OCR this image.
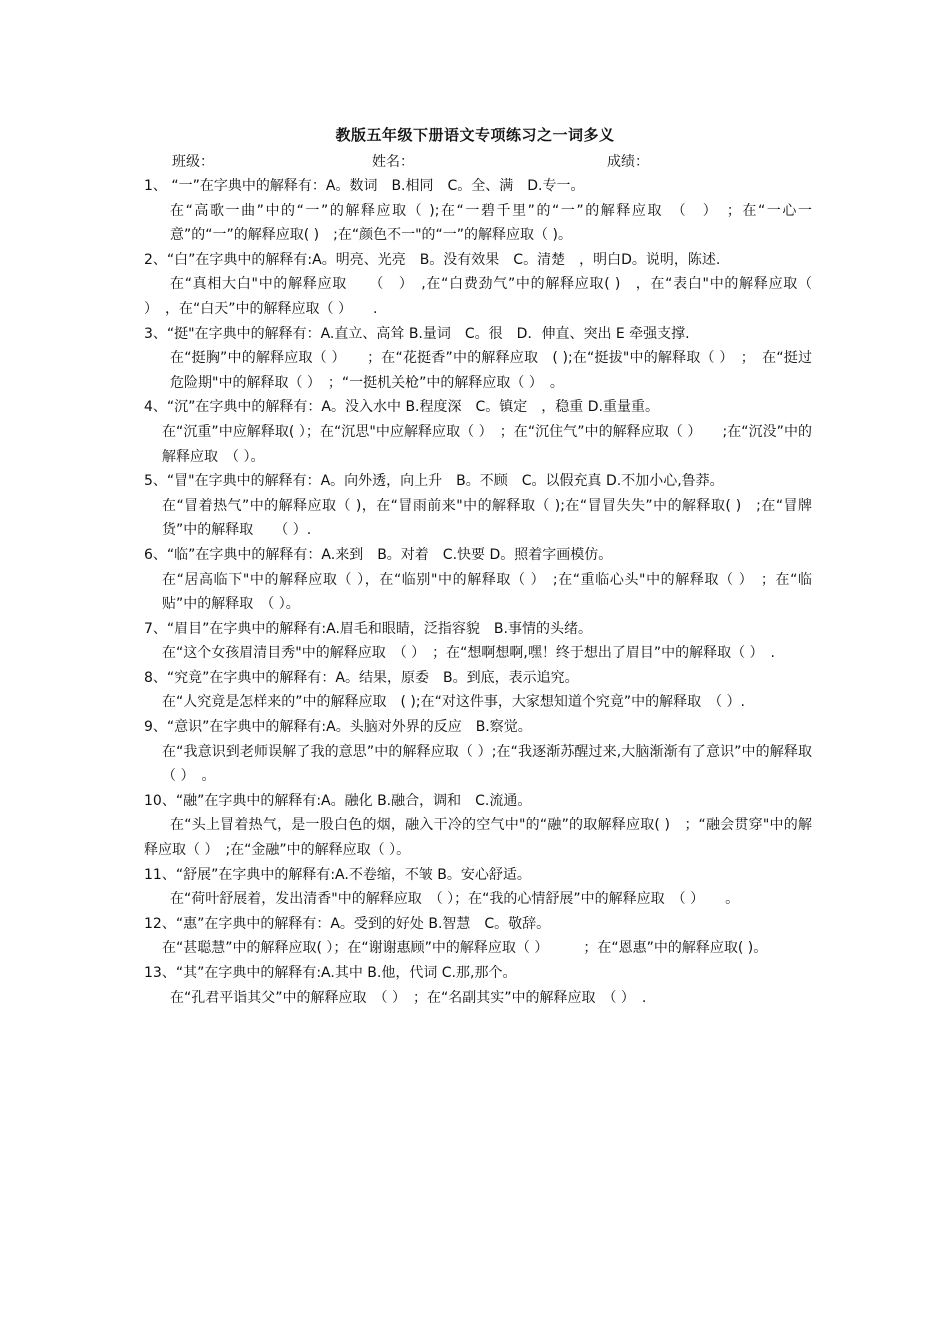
教版五年级下册语文专项练习之一词多义
班级：	姓名：	成绩：
1、 “一”在字典中的解释有：A。数词　B.相同　C。全、满　D.专一。
在“高歌一曲”中的“一”的解释应取（ );在“一碧千里”的“一”的解释应取　（　）　；在“一心一意”的“一”的解释应取( )　;在“颜色不一"的“一”的解释应取（ )。
2、“白”在字典中的解释有:A。明亮、光亮　B。没有效果　C。清楚　，明白D。说明，陈述.
在“真相大白"中的解释应取　　（　）　,在“白费劲气”中的解释应取( )　，在“表白"中的解释应取（ ）　，在“白天”中的解释应取（ ）　　.
3、“挺"在字典中的解释有：A.直立、高耸 B.量词　C。很　D．伸直、突出 E 牵强支撑.
在“挺胸”中的解释应取（ ）　　；在“花挺香”中的解释应取　( );在“挺拔"中的解释取（ ）　；　在“挺过危险期"中的解释取（ ）　；“一挺机关枪”中的解释应取（ ）　。
4、“沉”在字典中的解释有：A。没入水中 B.程度深　C。镇定　，稳重 D.重量重。
在“沉重”中应解释取( ）；在“沉思"中应解释应取（ ）　；在“沉住气”中的解释应取（ ）　　;在“沉没”中的解释应取　（ ）。
5、“冒"在字典中的解释有：A。向外透，向上升　B。不顾　C。以假充真 D.不加小心,鲁莽。
在“冒着热气”中的解释应取（ )，在“冒雨前来"中的解释取（ );在“冒冒失失”中的解释取( )　;在“冒牌货”中的解释取　　（ ）.
6、“临”在字典中的解释有：A.来到　B。对着　C.快要 D。照着字画模仿。
在“居高临下"中的解释应取（ ），在“临别"中的解释取（ ）　;在“重临心头"中的解释取（ ）　；在“临贴”中的解释取　（ ）。
7、“眉目”在字典中的解释有:A.眉毛和眼睛，泛指容貌　B.事情的头绪。
在“这个女孩眉清目秀"中的解释应取　（ ）　；在“想啊想啊,嘿！终于想出了眉目”中的解释取（ ）　.
8、“究竟”在字典中的解释有：A。结果，原委　B。到底，表示追究。
在“人究竟是怎样来的”中的解释应取　( );在“对这件事，大家想知道个究竟”中的解释取　（ ）.
9、“意识”在字典中的解释有:A。头脑对外界的反应　B.察觉。
在“我意识到老师误解了我的意思”中的解释应取（ ）;在“我逐渐苏醒过来,大脑渐渐有了意识”中的解释取　（ ）　。
10、“融”在字典中的解释有:A。融化 B.融合，调和　C.流通。
在“头上冒着热气，是一股白色的烟，融入干冷的空气中"的“融”的取解释应取( )　；“融会贯穿"中的解释应取（ ）　;在“金融”中的解释应取（ ）。
11、“舒展”在字典中的解释有:A.不卷缩，不皱 B。安心舒适。
在“荷叶舒展着，发出清香"中的解释应取　（ ）；在“我的心情舒展”中的解释应取　（ ）　　。
12、“惠”在字典中的解释有：A。受到的好处 B.智慧　C。敬辞。
在“甚聪慧”中的解释应取( ）；在“谢谢惠顾”中的解释应取（ ）　　　；在“恩惠”中的解释应取( )。
13、“其”在字典中的解释有:A.其中 B.他，代词 C.那,那个。
在“孔君平诣其父”中的解释应取　（ ）　；在“名副其实”中的解释应取　（ ）　.
